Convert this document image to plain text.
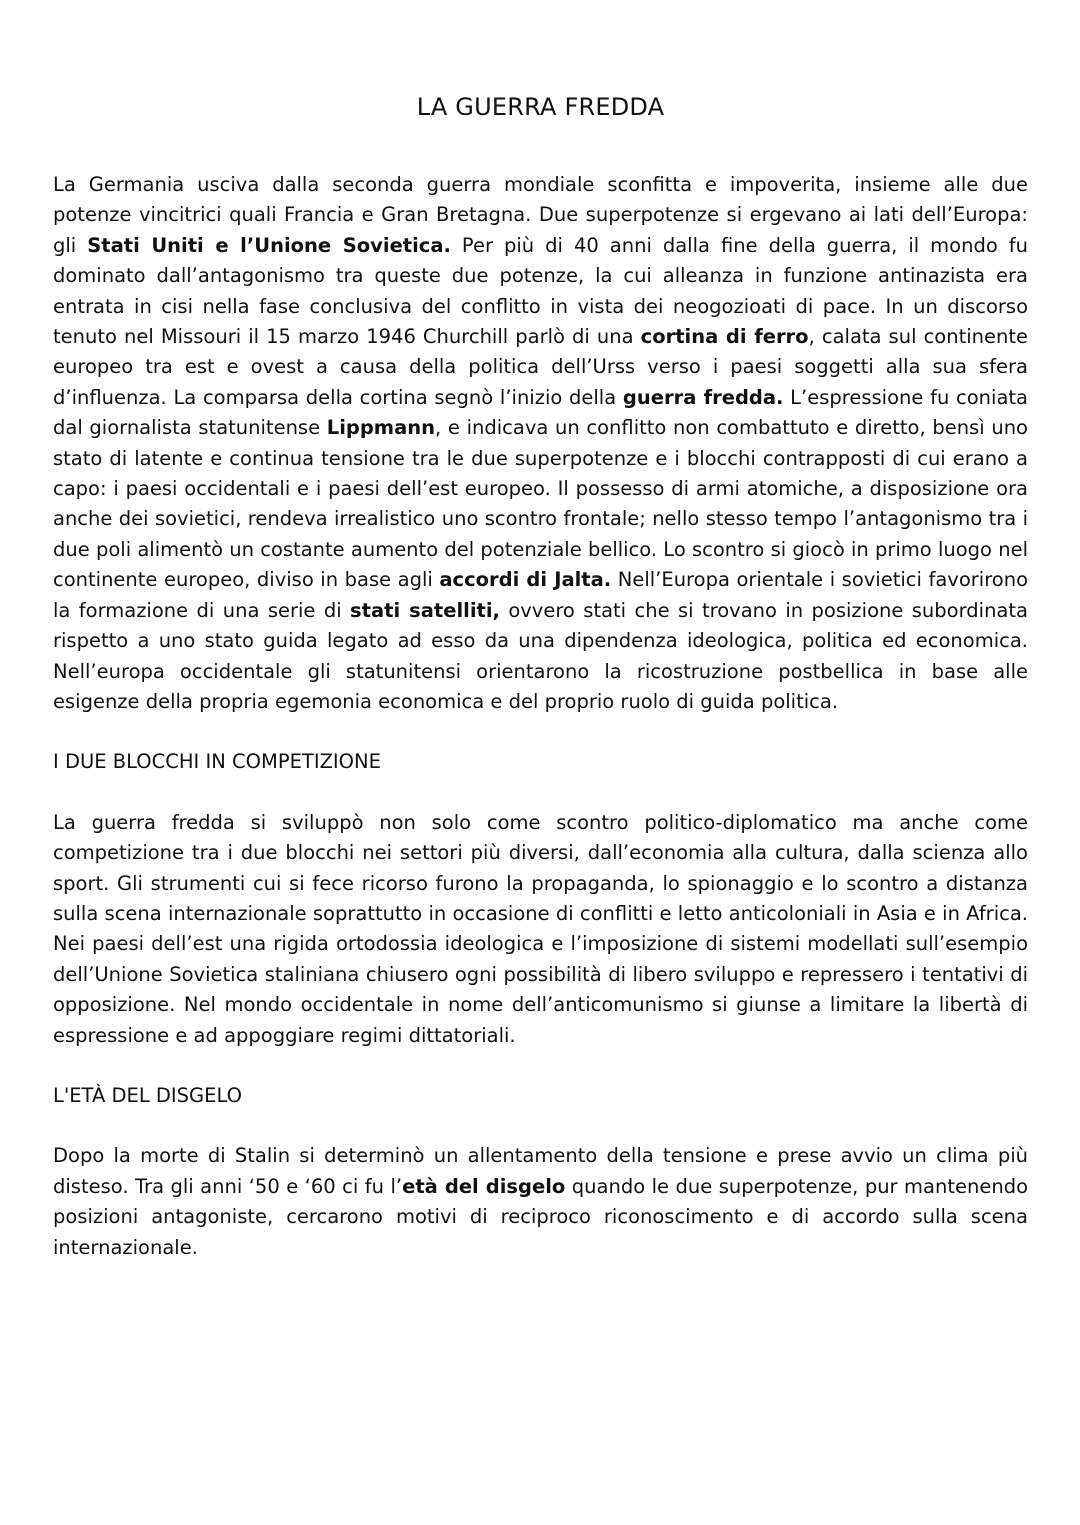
LA GUERRA FREDDA

La Germania usciva dalla seconda guerra mondiale sconfitta e impoverita, insieme alle due potenze vincitrici quali Francia e Gran Bretagna. Due superpotenze si ergevano ai lati dell’Europa: gli Stati Uniti e l’Unione Sovietica. Per più di 40 anni dalla fine della guerra, il mondo fu dominato dall’antagonismo tra queste due potenze, la cui alleanza in funzione antinazista era entrata in cisi nella fase conclusiva del conflitto in vista dei neogozioati di pace. In un discorso tenuto nel Missouri il 15 marzo 1946 Churchill parlò di una cortina di ferro, calata sul continente europeo tra est e ovest a causa della politica dell’Urss verso i paesi soggetti alla sua sfera d’influenza. La comparsa della cortina segnò l’inizio della guerra fredda. L’espressione fu coniata dal giornalista statunitense Lippmann, e indicava un conflitto non combattuto e diretto, bensì uno stato di latente e continua tensione tra le due superpotenze e i blocchi contrapposti di cui erano a capo: i paesi occidentali e i paesi dell’est europeo. Il possesso di armi atomiche, a disposizione ora anche dei sovietici, rendeva irrealistico uno scontro frontale; nello stesso tempo l’antagonismo tra i due poli alimentò un costante aumento del potenziale bellico. Lo scontro si giocò in primo luogo nel continente europeo, diviso in base agli accordi di Jalta. Nell’Europa orientale i sovietici favorirono la formazione di una serie di stati satelliti, ovvero stati che si trovano in posizione subordinata rispetto a uno stato guida legato ad esso da una dipendenza ideologica, politica ed economica. Nell’europa occidentale gli statunitensi orientarono la ricostruzione postbellica in base alle esigenze della propria egemonia economica e del proprio ruolo di guida politica.

I DUE BLOCCHI IN COMPETIZIONE

La guerra fredda si sviluppò non solo come scontro politico-diplomatico ma anche come competizione tra i due blocchi nei settori più diversi, dall’economia alla cultura, dalla scienza allo sport. Gli strumenti cui si fece ricorso furono la propaganda, lo spionaggio e lo scontro a distanza sulla scena internazionale soprattutto in occasione di conflitti e letto anticoloniali in Asia e in Africa. Nei paesi dell’est una rigida ortodossia ideologica e l’imposizione di sistemi modellati sull’esempio dell’Unione Sovietica staliniana chiusero ogni possibilità di libero sviluppo e repressero i tentativi di opposizione. Nel mondo occidentale in nome dell’anticomunismo si giunse a limitare la libertà di espressione e ad appoggiare regimi dittatoriali.

L'ETÀ DEL DISGELO

Dopo la morte di Stalin si determinò un allentamento della tensione e prese avvio un clima più disteso. Tra gli anni ‘50 e ‘60 ci fu l’età del disgelo quando le due superpotenze, pur mantenendo posizioni antagoniste, cercarono motivi di reciproco riconoscimento e di accordo sulla scena internazionale.
